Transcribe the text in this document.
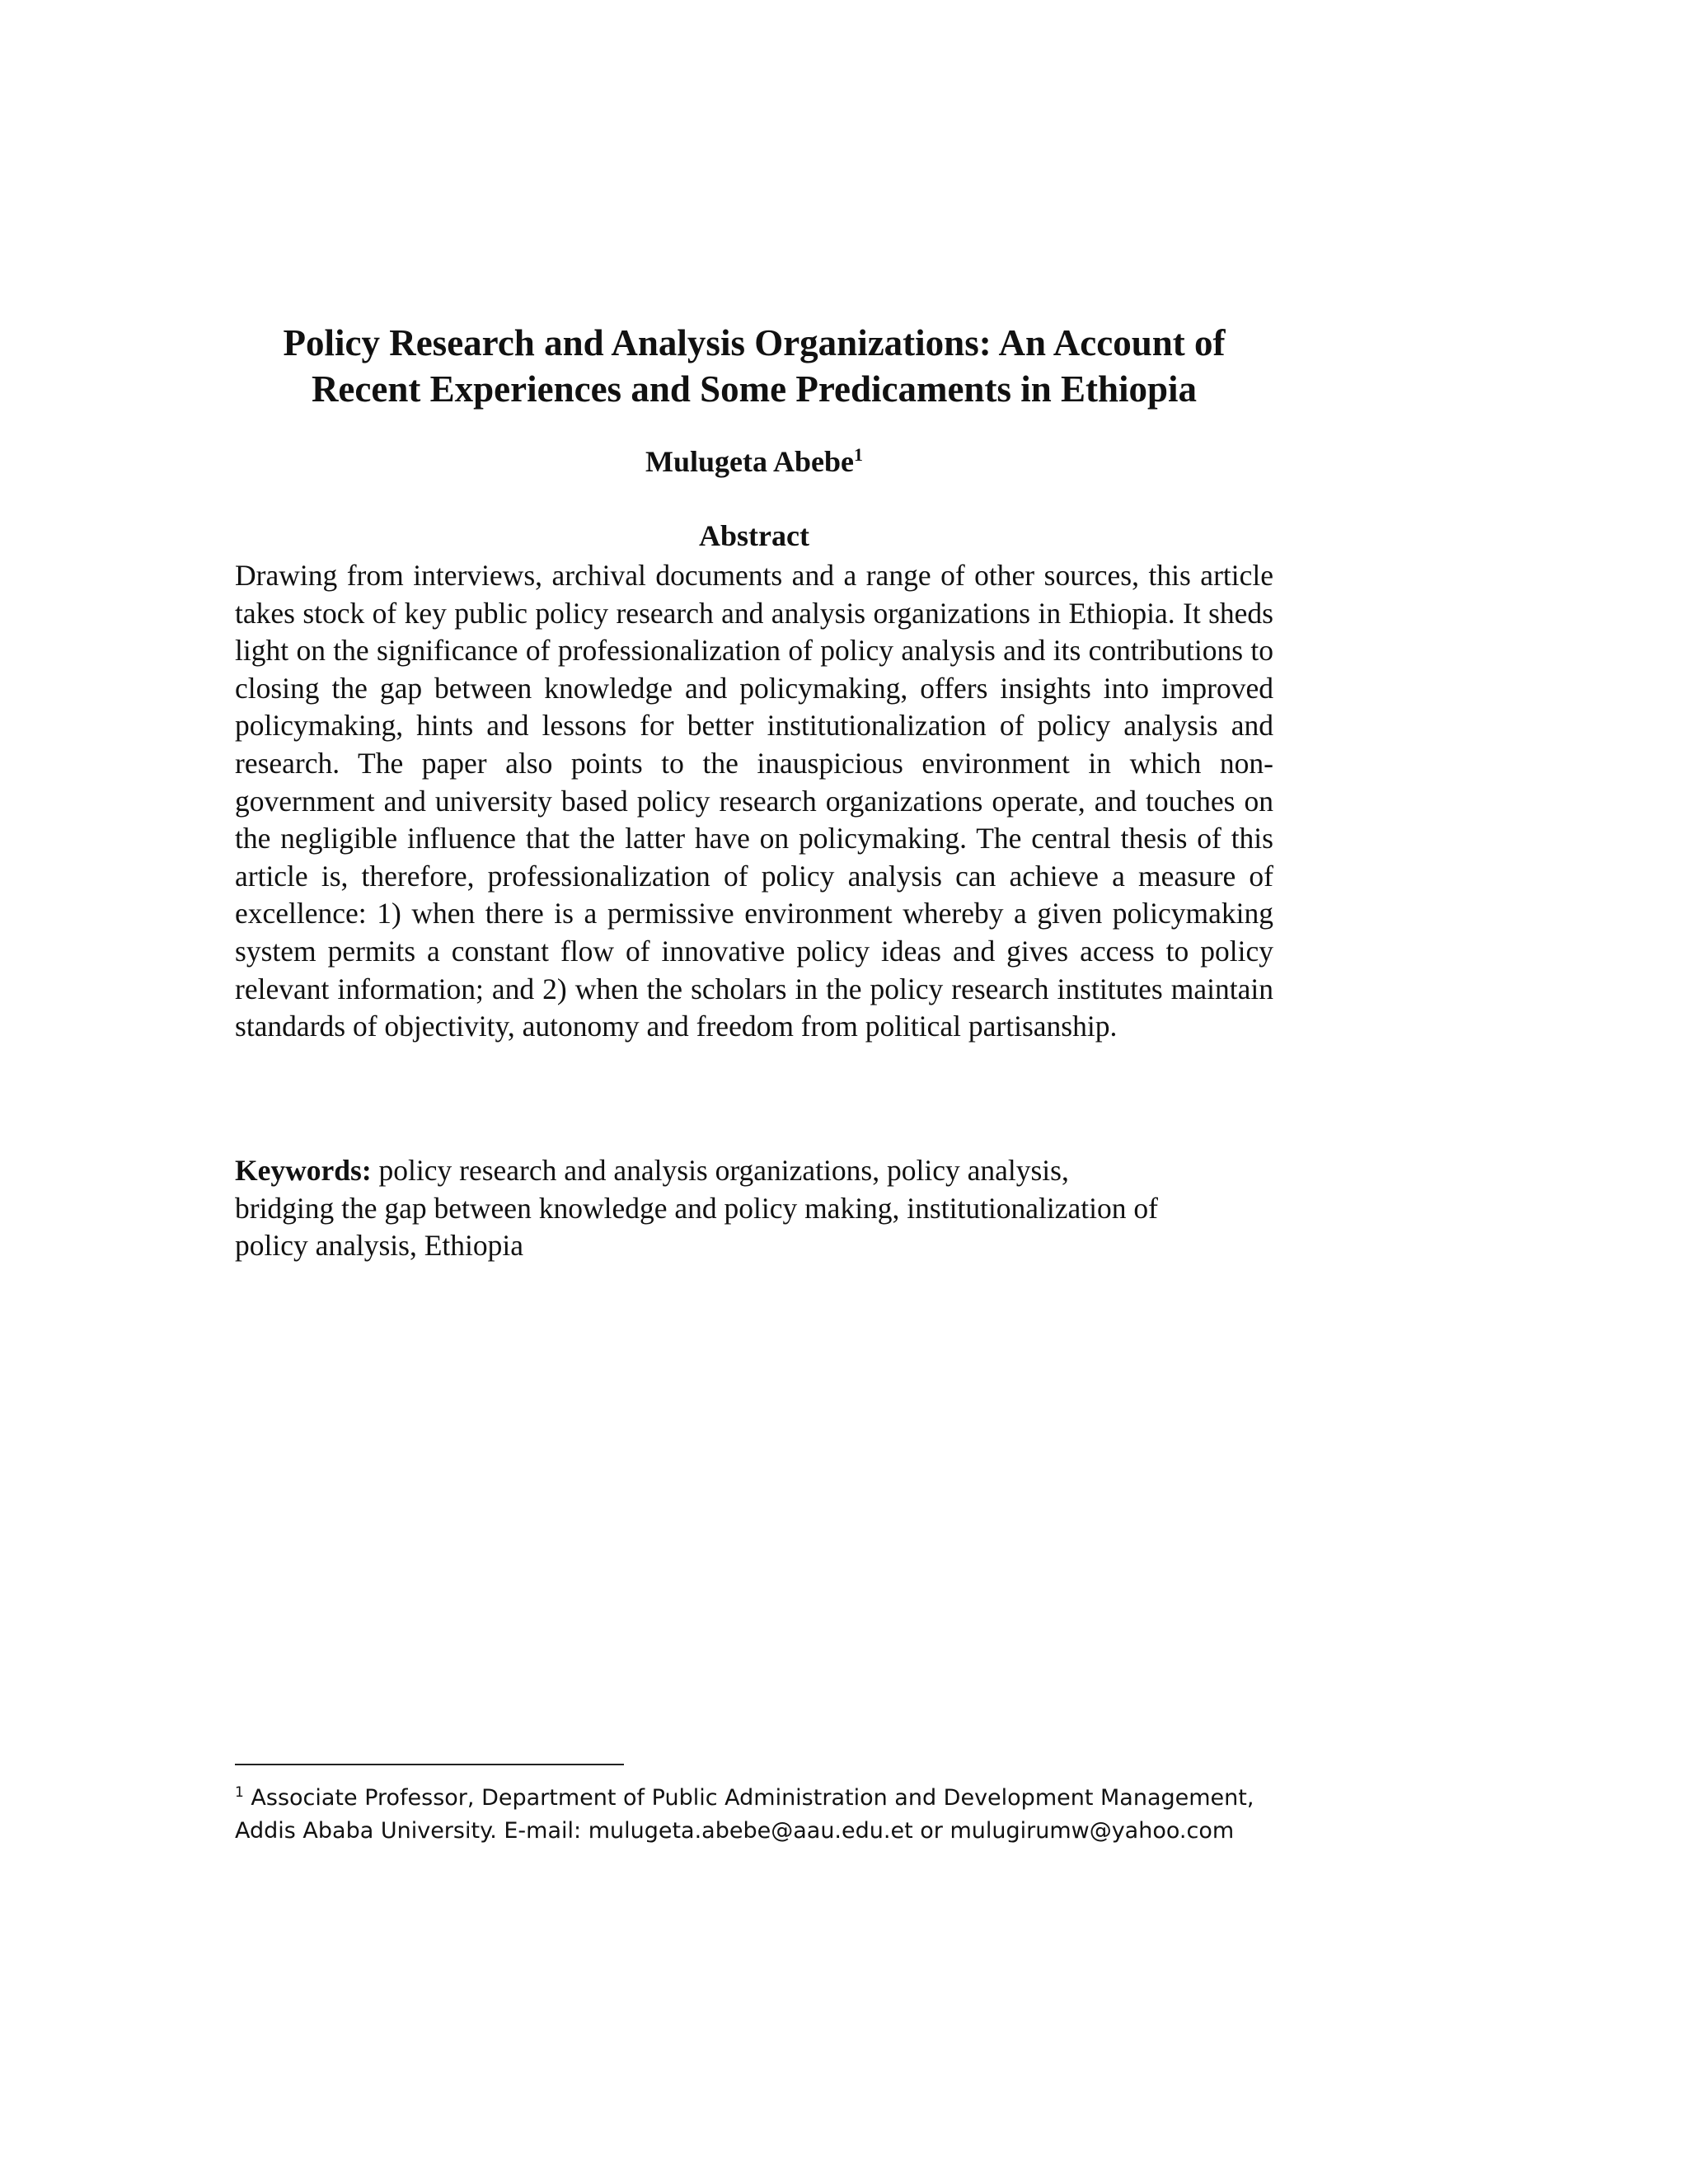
Policy Research and Analysis Organizations: An Account of
Recent Experiences and Some Predicaments in Ethiopia
Mulugeta Abebe$^1$
Abstract

Drawing from interviews, archival documents and a range of other sources, this article takes stock of key public policy research and analysis organizations in Ethiopia. It sheds light on the significance of professionalization of policy analysis and its contributions to closing the gap between knowledge and policymaking, offers insights into improved policymaking, hints and lessons for better institutionalization of policy analysis and research. The paper also points to the inauspicious environment in which non-government and university based policy research organizations operate, and touches on the negligible influence that the latter have on policymaking. The central thesis of this article is, therefore, professionalization of policy analysis can achieve a measure of excellence: 1) when there is a permissive environment whereby a given policymaking system permits a constant flow of innovative policy ideas and gives access to policy relevant information; and 2) when the scholars in the policy research institutes maintain standards of objectivity, autonomy and freedom from political partisanship.

Keywords: policy research and analysis organizations, policy analysis,
bridging the gap between knowledge and policy making, institutionalization of
policy analysis, Ethiopia

$^1$ Associate Professor, Department of Public Administration and Development Management,
Addis Ababa University. E-mail: mulugeta.abebe@aau.edu.et or mulugirumw@yahoo.com
